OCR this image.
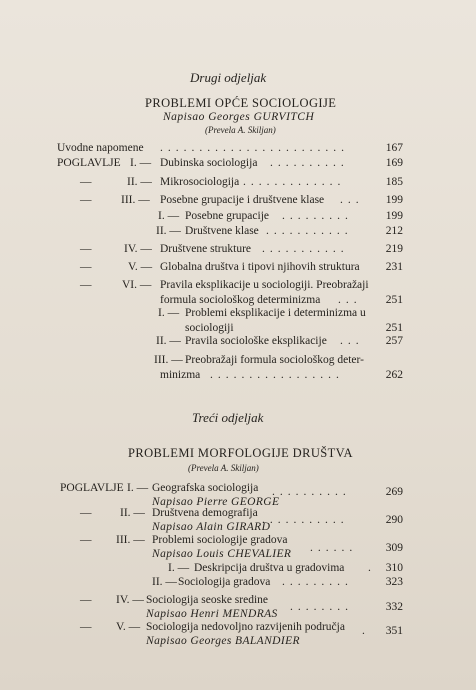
Drugi odjeljak
PROBLEMI OPĆE SOCIOLOGIJE
Napisao Georges GURVITCH
(Prevela A. Skiljan)
Uvodne napomene ........................	167
POGLAVLJE I. — Dubinska sociologija ..........	169
—	II. — Mikrosociologija .............	185
—	III. — Posebne grupacije i društvene klase ...	199
I. — Posebne grupacije .........	199
II. — Društvene klase ...........	212
—	IV. — Društvene strukture ...........	219
—	V. — Globalna društva i tipovi njihovih struktura 231
—	VI. — Pravila eksplikacije u sociologiji. Preobražaji
formula sociološkog determinizma ...	251
I. — Problemi eksplikacije i determinizma u
sociologiji	251
II. — Pravila sociološke eksplikacije ...	257
III. — Preobražaji formula sociološkog deter-
minizma .................	262
Treći odjeljak
PROBLEMI MORFOLOGIJE DRUŠTVA
(Prevela A. Skiljan)
POGLAVLJE I. — Geografska sociologija
Napisao Pierre GEORGE
..........	269
— II. — Društvena demografija
Napisao Alain GIRARD
...........	290
— III. — Problemi sociologije gradova
Napisao Louis CHEVALIER ......	309
I. — Deskripcija društva u gradovima . 310
II. — Sociologija gradova .........	323
— IV. — Sociologija seoske sredine
Napisao Henri MENDRAS
........	332
— V. — Sociologija nedovoljno razvijenih područja
Napisao Georges BALANDIER
.	351
